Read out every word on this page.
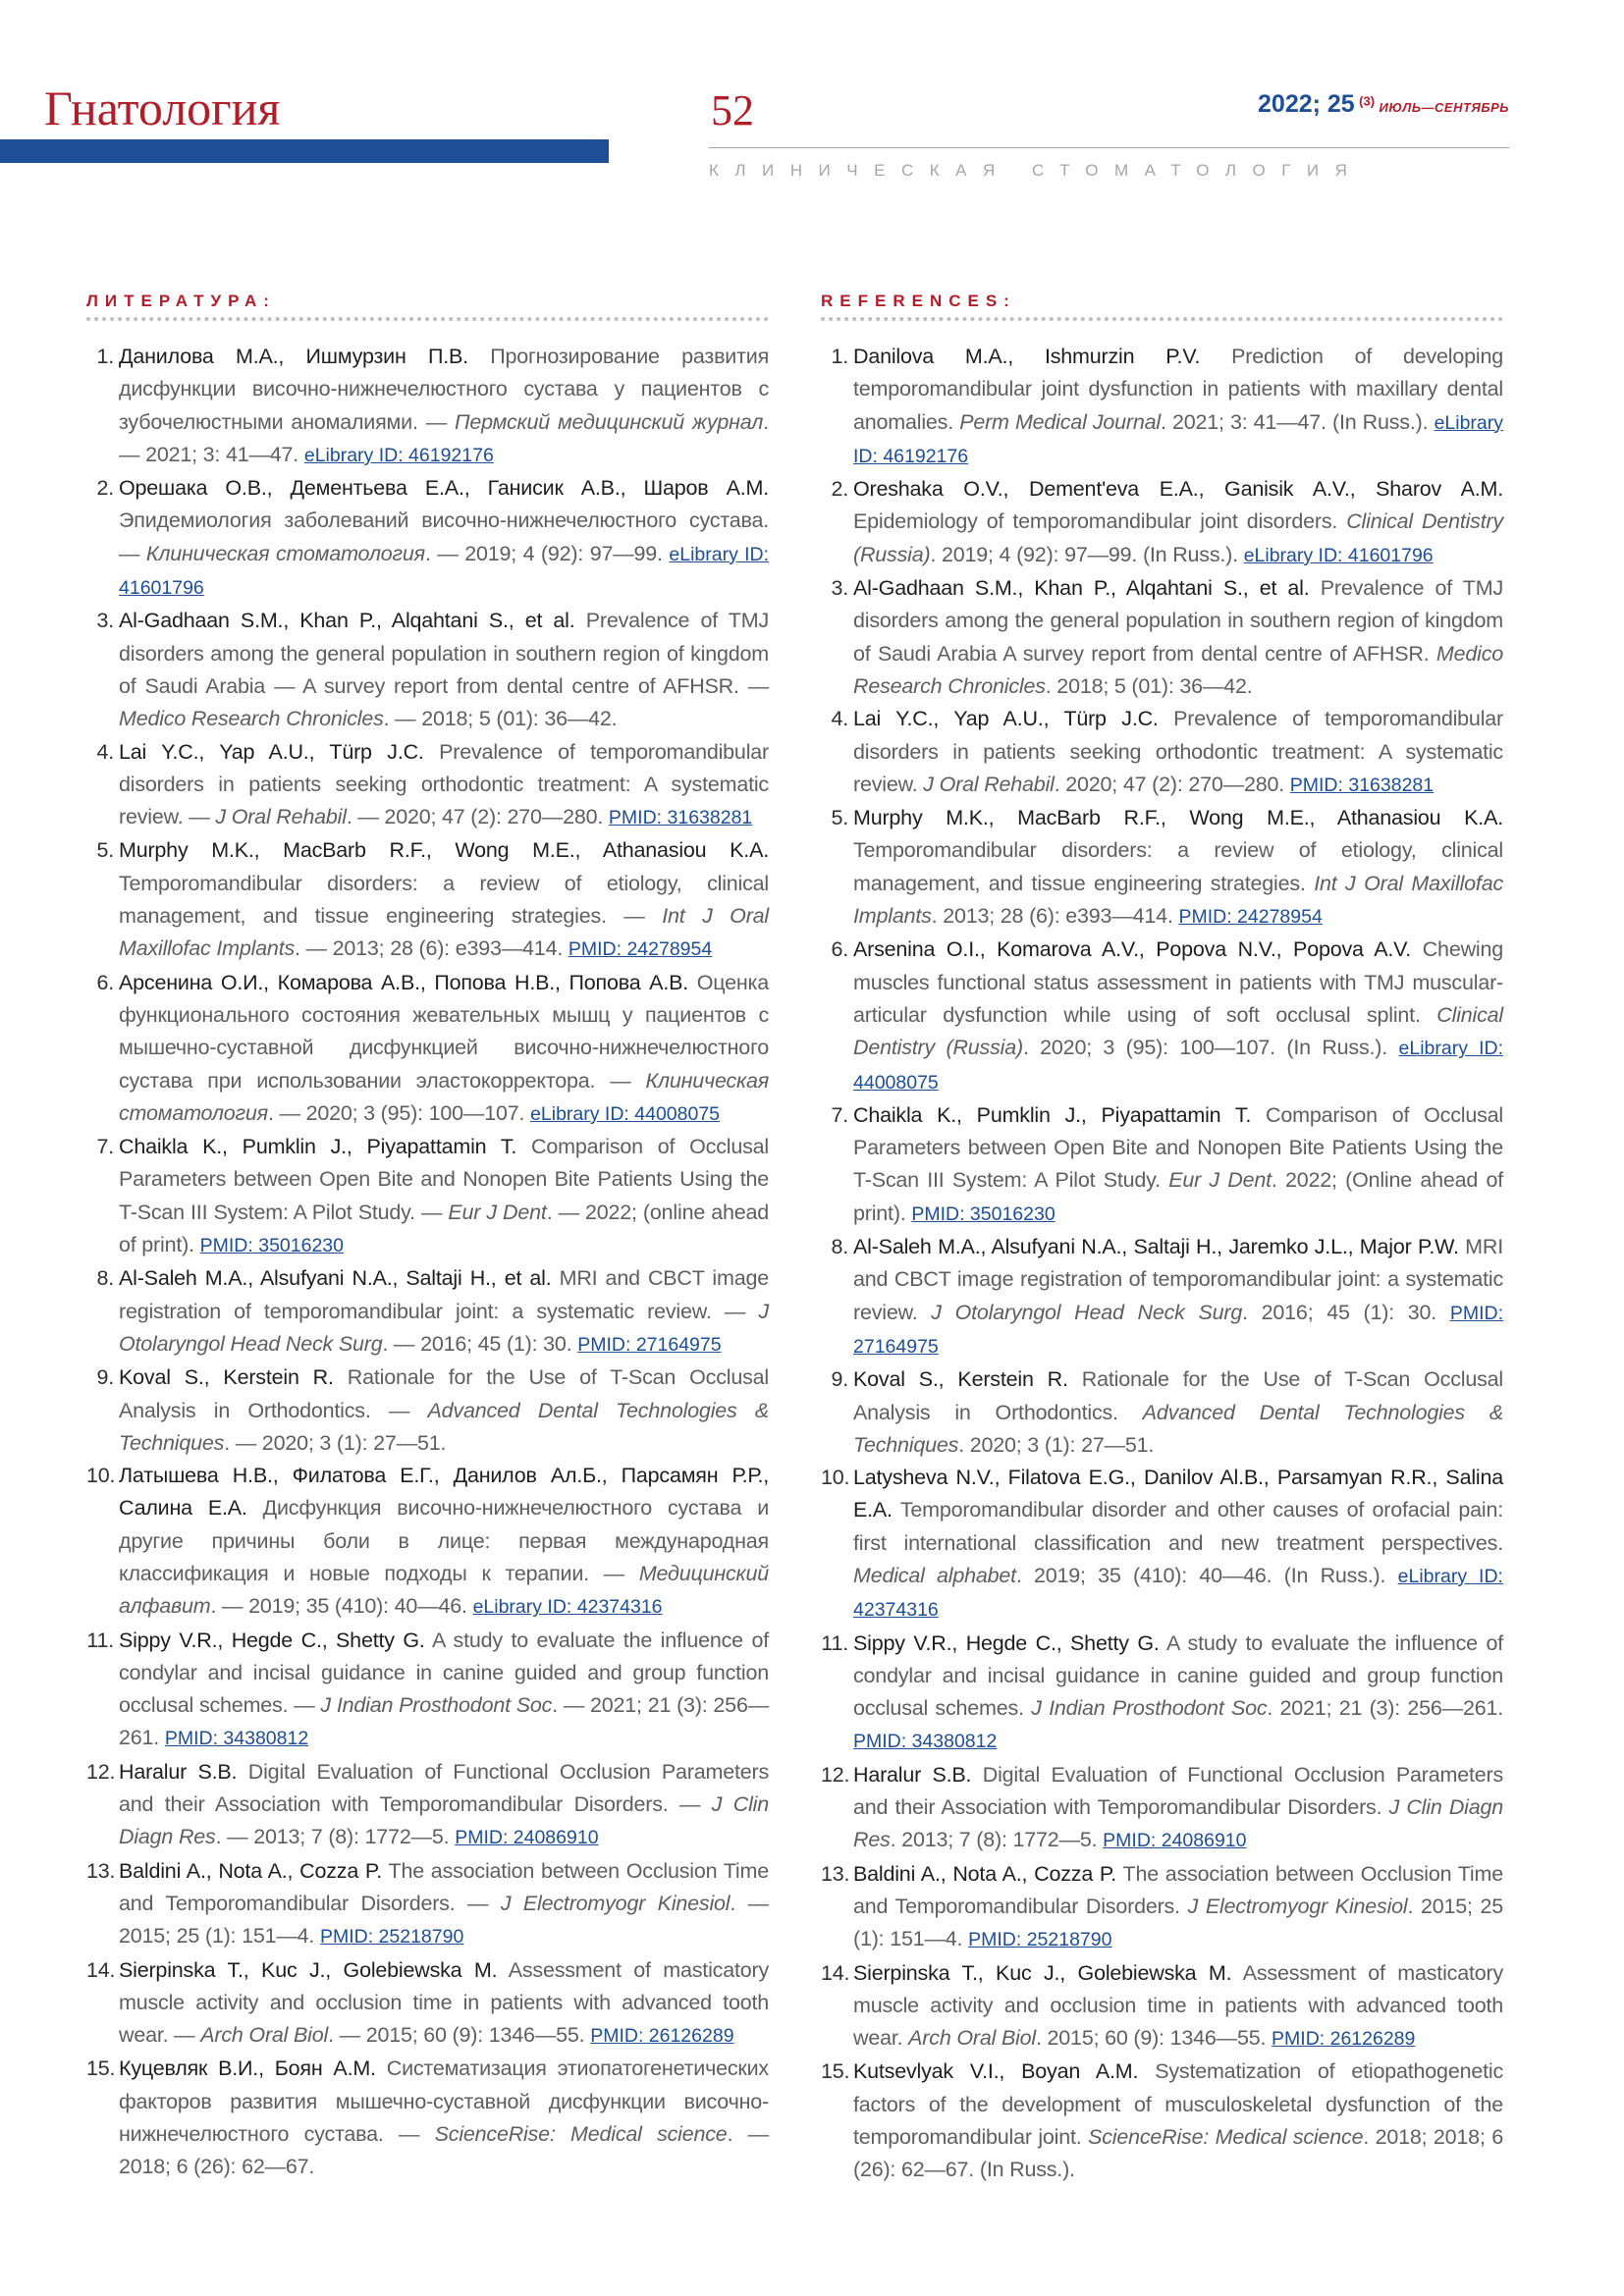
Гнатология	52	2022; 25 $^{(3)}$ ИЮЛЬ—СЕНТЯБРЬ
КЛИНИЧЕСКАЯ СТОМАТОЛОГИЯ
ЛИТЕРАТУРА:
1. Данилова М.А., Ишмурзин П.В. Прогнозирование развития дисфункции височно-нижнечелюстного сустава у пациентов с зубочелюстными аномалиями. — Пермский медицинский журнал. — 2021; 3: 41—47. eLibrary ID: 46192176
2. Орешака О.В., Дементьева Е.А., Ганисик А.В., Шаров А.М. Эпидемиология заболеваний височно-нижнечелюстного сустава. — Клиническая стоматология. — 2019; 4 (92): 97—99. eLibrary ID: 41601796
3. Al-Gadhaan S.M., Khan P., Alqahtani S., et al. Prevalence of TMJ disorders among the general population in southern region of kingdom of Saudi Arabia — A survey report from dental centre of AFHSR. — Medico Research Chronicles. — 2018; 5 (01): 36—42.
4. Lai Y.C., Yap A.U., Türp J.C. Prevalence of temporomandibular disorders in patients seeking orthodontic treatment: A systematic review. — J Oral Rehabil. — 2020; 47 (2): 270—280. PMID: 31638281
5. Murphy M.K., MacBarb R.F., Wong M.E., Athanasiou K.A. Temporomandibular disorders: a review of etiology, clinical management, and tissue engineering strategies. — Int J Oral Maxillofac Implants. — 2013; 28 (6): e393—414. PMID: 24278954
6. Арсенина О.И., Комарова А.В., Попова Н.В., Попова А.В. Оценка функционального состояния жевательных мышц у пациентов с мышечно-суставной дисфункцией височно-нижнечелюстного сустава при использовании эластокорректора. — Клиническая стоматология. — 2020; 3 (95): 100—107. eLibrary ID: 44008075
7. Chaikla K., Pumklin J., Piyapattamin T. Comparison of Occlusal Parameters between Open Bite and Nonopen Bite Patients Using the T-Scan III System: A Pilot Study. — Eur J Dent. — 2022; (online ahead of print). PMID: 35016230
8. Al-Saleh M.A., Alsufyani N.A., Saltaji H., et al. MRI and CBCT image registration of temporomandibular joint: a systematic review. — J Otolaryngol Head Neck Surg. — 2016; 45 (1): 30. PMID: 27164975
9. Koval S., Kerstein R. Rationale for the Use of T-Scan Occlusal Analysis in Orthodontics. — Advanced Dental Technologies & Techniques. — 2020; 3 (1): 27—51.
10. Латышева Н.В., Филатова Е.Г., Данилов Ал.Б., Парсамян Р.Р., Салина Е.А. Дисфункция височно-нижнечелюстного сустава и другие причины боли в лице: первая международная классификация и новые подходы к терапии. — Медицинский алфавит. — 2019; 35 (410): 40—46. eLibrary ID: 42374316
11. Sippy V.R., Hegde C., Shetty G. A study to evaluate the influence of condylar and incisal guidance in canine guided and group function occlusal schemes. — J Indian Prosthodont Soc. — 2021; 21 (3): 256—261. PMID: 34380812
12. Haralur S.B. Digital Evaluation of Functional Occlusion Parameters and their Association with Temporomandibular Disorders. — J Clin Diagn Res. — 2013; 7 (8): 1772—5. PMID: 24086910
13. Baldini A., Nota A., Cozza P. The association between Occlusion Time and Temporomandibular Disorders. — J Electromyogr Kinesiol. — 2015; 25 (1): 151—4. PMID: 25218790
14. Sierpinska T., Kuc J., Golebiewska M. Assessment of masticatory muscle activity and occlusion time in patients with advanced tooth wear. — Arch Oral Biol. — 2015; 60 (9): 1346—55. PMID: 26126289
15. Куцевляк В.И., Боян А.М. Систематизация этиопатогенетических факторов развития мышечно-суставной дисфункции височно-нижнечелюстного сустава. — ScienceRise: Medical science. — 2018; 6 (26): 62—67.
REFERENCES:
1. Danilova M.A., Ishmurzin P.V. Prediction of developing temporomandibular joint dysfunction in patients with maxillary dental anomalies. Perm Medical Journal. 2021; 3: 41—47. (In Russ.). eLibrary ID: 46192176
2. Oreshaka O.V., Dement'eva E.A., Ganisik A.V., Sharov A.M. Epidemiology of temporomandibular joint disorders. Clinical Dentistry (Russia). 2019; 4 (92): 97—99. (In Russ.). eLibrary ID: 41601796
3. Al-Gadhaan S.M., Khan P., Alqahtani S., et al. Prevalence of TMJ disorders among the general population in southern region of kingdom of Saudi Arabia A survey report from dental centre of AFHSR. Medico Research Chronicles. 2018; 5 (01): 36—42.
4. Lai Y.C., Yap A.U., Türp J.C. Prevalence of temporomandibular disorders in patients seeking orthodontic treatment: A systematic review. J Oral Rehabil. 2020; 47 (2): 270—280. PMID: 31638281
5. Murphy M.K., MacBarb R.F., Wong M.E., Athanasiou K.A. Temporomandibular disorders: a review of etiology, clinical management, and tissue engineering strategies. Int J Oral Maxillofac Implants. 2013; 28 (6): e393—414. PMID: 24278954
6. Arsenina O.I., Komarova A.V., Popova N.V., Popova A.V. Chewing muscles functional status assessment in patients with TMJ muscular-articular dysfunction while using of soft occlusal splint. Clinical Dentistry (Russia). 2020; 3 (95): 100—107. (In Russ.). eLibrary ID: 44008075
7. Chaikla K., Pumklin J., Piyapattamin T. Comparison of Occlusal Parameters between Open Bite and Nonopen Bite Patients Using the T-Scan III System: A Pilot Study. Eur J Dent. 2022; (Online ahead of print). PMID: 35016230
8. Al-Saleh M.A., Alsufyani N.A., Saltaji H., Jaremko J.L., Major P.W. MRI and CBCT image registration of temporomandibular joint: a systematic review. J Otolaryngol Head Neck Surg. 2016; 45 (1): 30. PMID: 27164975
9. Koval S., Kerstein R. Rationale for the Use of T-Scan Occlusal Analysis in Orthodontics. Advanced Dental Technologies & Techniques. 2020; 3 (1): 27—51.
10. Latysheva N.V., Filatova E.G., Danilov Al.B., Parsamyan R.R., Salina E.A. Temporomandibular disorder and other causes of orofacial pain: first international classification and new treatment perspectives. Medical alphabet. 2019; 35 (410): 40—46. (In Russ.). eLibrary ID: 42374316
11. Sippy V.R., Hegde C., Shetty G. A study to evaluate the influence of condylar and incisal guidance in canine guided and group function occlusal schemes. J Indian Prosthodont Soc. 2021; 21 (3): 256—261. PMID: 34380812
12. Haralur S.B. Digital Evaluation of Functional Occlusion Parameters and their Association with Temporomandibular Disorders. J Clin Diagn Res. 2013; 7 (8): 1772—5. PMID: 24086910
13. Baldini A., Nota A., Cozza P. The association between Occlusion Time and Temporomandibular Disorders. J Electromyogr Kinesiol. 2015; 25 (1): 151—4. PMID: 25218790
14. Sierpinska T., Kuc J., Golebiewska M. Assessment of masticatory muscle activity and occlusion time in patients with advanced tooth wear. Arch Oral Biol. 2015; 60 (9): 1346—55. PMID: 26126289
15. Kutsevlyak V.I., Boyan A.M. Systematization of etiopathogenetic factors of the development of musculoskeletal dysfunction of the temporomandibular joint. ScienceRise: Medical science. 2018; 2018; 6 (26): 62—67. (In Russ.).
